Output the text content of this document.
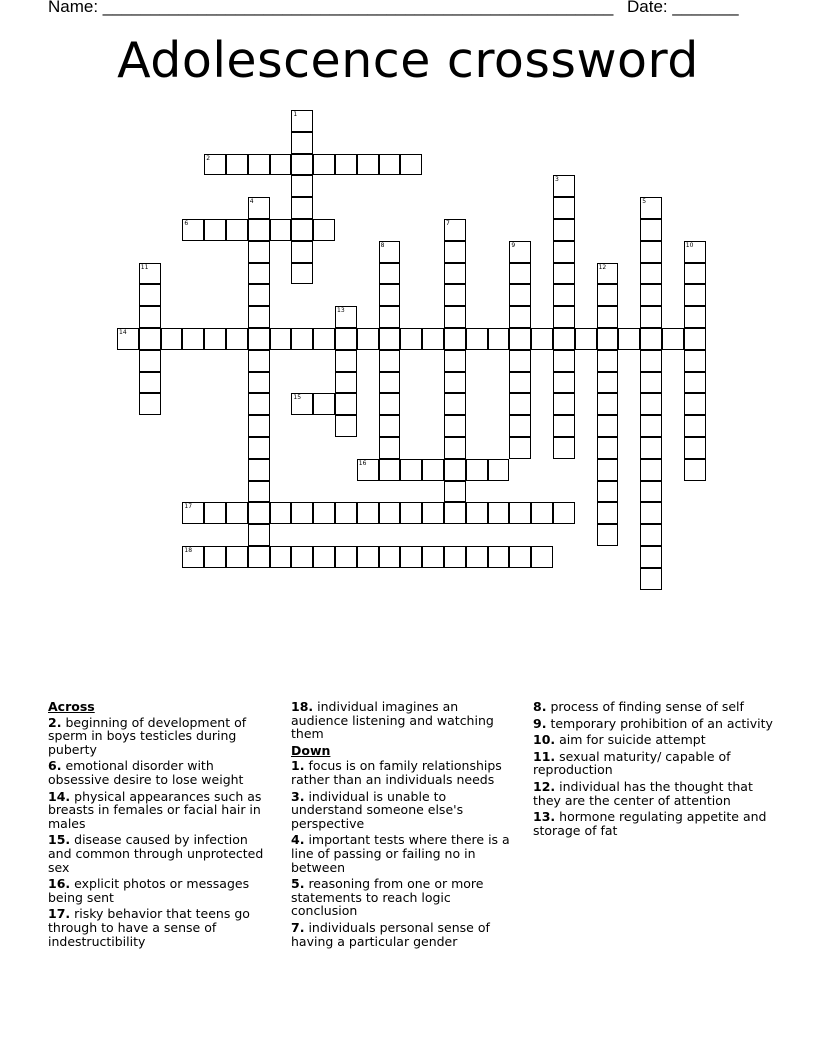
Name: ______________________________________________________ Date: _______
Adolescence crossword
1
2
3
4	5
6	7
8	9	10
11	12
13
14
15
16
17
18
Across
2. beginning of development of sperm in boys testicles during puberty
6. emotional disorder with obsessive desire to lose weight
14. physical appearances such as breasts in females or facial hair in males
15. disease caused by infection and common through unprotected sex
16. explicit photos or messages being sent
17. risky behavior that teens go through to have a sense of indestructibility
18. individual imagines an audience listening and watching them
Down
1. focus is on family relationships rather than an individuals needs
3. individual is unable to understand someone else's perspective
4. important tests where there is a line of passing or failing no in between
5. reasoning from one or more statements to reach logic conclusion
7. individuals personal sense of having a particular gender
8. process of finding sense of self
9. temporary prohibition of an activity
10. aim for suicide attempt
11. sexual maturity/ capable of reproduction
12. individual has the thought that they are the center of attention
13. hormone regulating appetite and storage of fat
